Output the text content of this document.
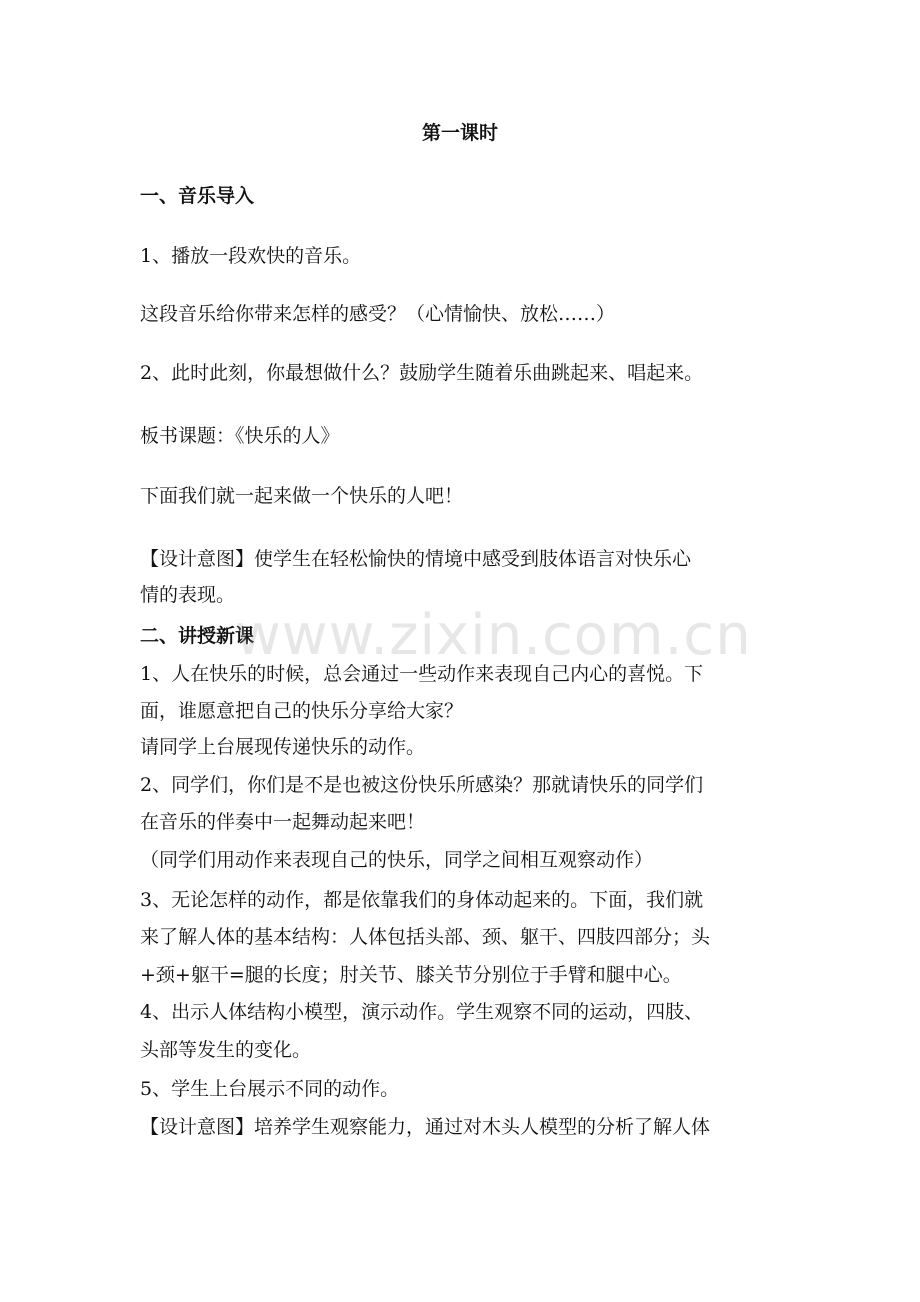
第一课时
一、音乐导入
1、播放一段欢快的音乐。
这段音乐给你带来怎样的感受？（心情愉快、放松……）
2、此时此刻，你最想做什么？鼓励学生随着乐曲跳起来、唱起来。
板书课题：《快乐的人》
下面我们就一起来做一个快乐的人吧！
【设计意图】使学生在轻松愉快的情境中感受到肢体语言对快乐心
情的表现。
二、讲授新课
1、人在快乐的时候，总会通过一些动作来表现自己内心的喜悦。下
面，谁愿意把自己的快乐分享给大家？
请同学上台展现传递快乐的动作。
2、同学们，你们是不是也被这份快乐所感染？那就请快乐的同学们
在音乐的伴奏中一起舞动起来吧！
（同学们用动作来表现自己的快乐，同学之间相互观察动作）
3、无论怎样的动作，都是依靠我们的身体动起来的。下面，我们就
来了解人体的基本结构：人体包括头部、颈、躯干、四肢四部分；头
+颈+躯干=腿的长度；肘关节、膝关节分别位于手臂和腿中心。
4、出示人体结构小模型，演示动作。学生观察不同的运动，四肢、
头部等发生的变化。
5、学生上台展示不同的动作。
【设计意图】培养学生观察能力，通过对木头人模型的分析了解人体
www.zixin.com.cn
